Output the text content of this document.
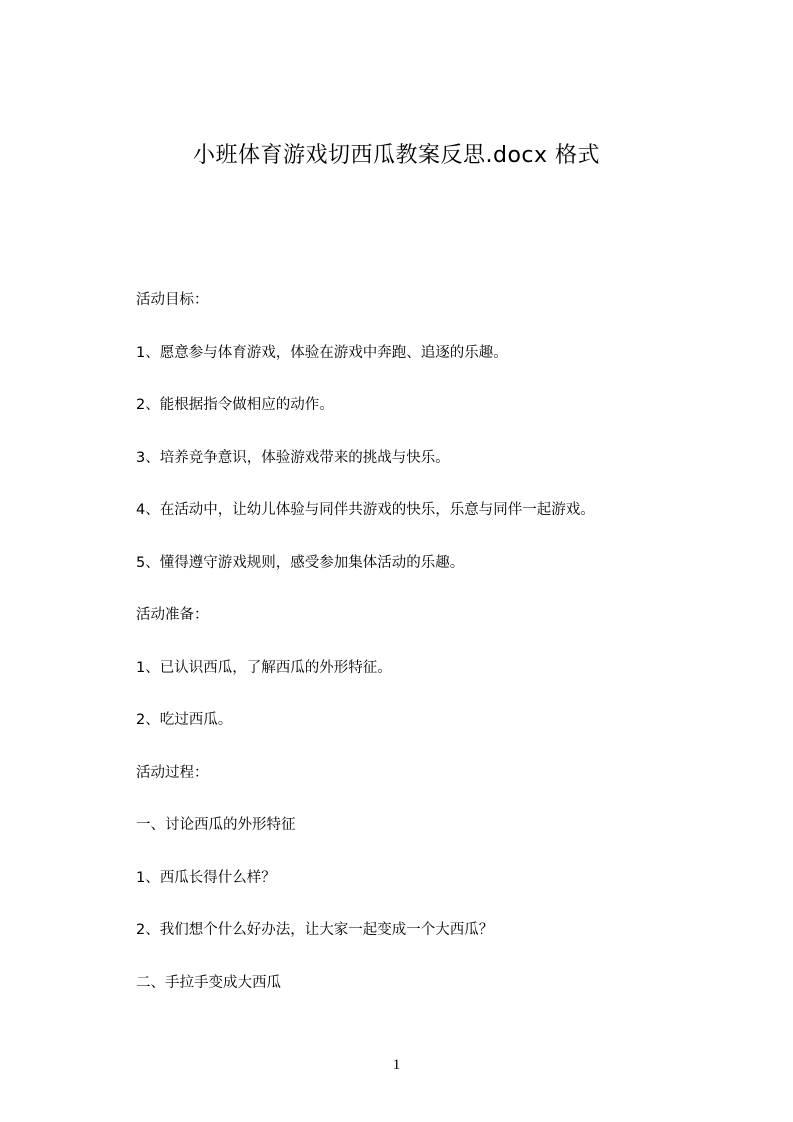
小班体育游戏切西瓜教案反思.docx 格式
活动目标：
1、愿意参与体育游戏，体验在游戏中奔跑、追逐的乐趣。
2、能根据指令做相应的动作。
3、培养竞争意识，体验游戏带来的挑战与快乐。
4、在活动中，让幼儿体验与同伴共游戏的快乐，乐意与同伴一起游戏。
5、懂得遵守游戏规则，感受参加集体活动的乐趣。
活动准备：
1、已认识西瓜，了解西瓜的外形特征。
2、吃过西瓜。
活动过程：
一、讨论西瓜的外形特征
1、西瓜长得什么样？
2、我们想个什么好办法，让大家一起变成一个大西瓜？
二、手拉手变成大西瓜
1
